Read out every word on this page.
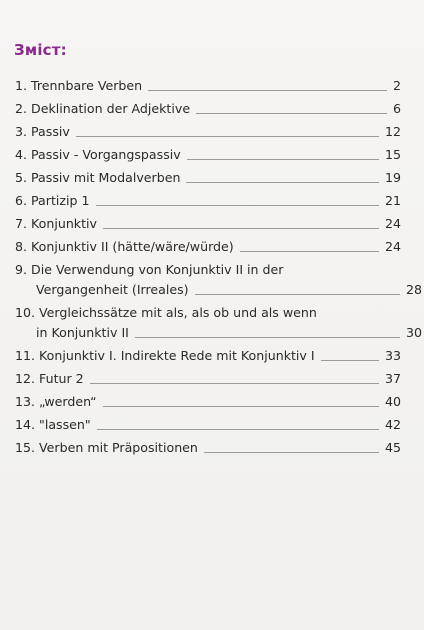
Зміст:
1. Trennbare Verben	2
2. Deklination der Adjektive	6
3. Passiv	12
4. Passiv - Vorgangspassiv	15
5. Passiv mit Modalverben	19
6. Partizip 1	21
7. Konjunktiv	24
8. Konjunktiv II (hätte/wäre/würde)	24
9. Die Verwendung von Konjunktiv II in der
Vergangenheit (Irreales)	28
10. Vergleichssätze mit als, als ob und als wenn
in Konjunktiv II	30
11. Konjunktiv I. Indirekte Rede mit Konjunktiv I	33
12. Futur 2	37
13. „werden“	40
14. "lassen"	42
15. Verben mit Präpositionen	45
